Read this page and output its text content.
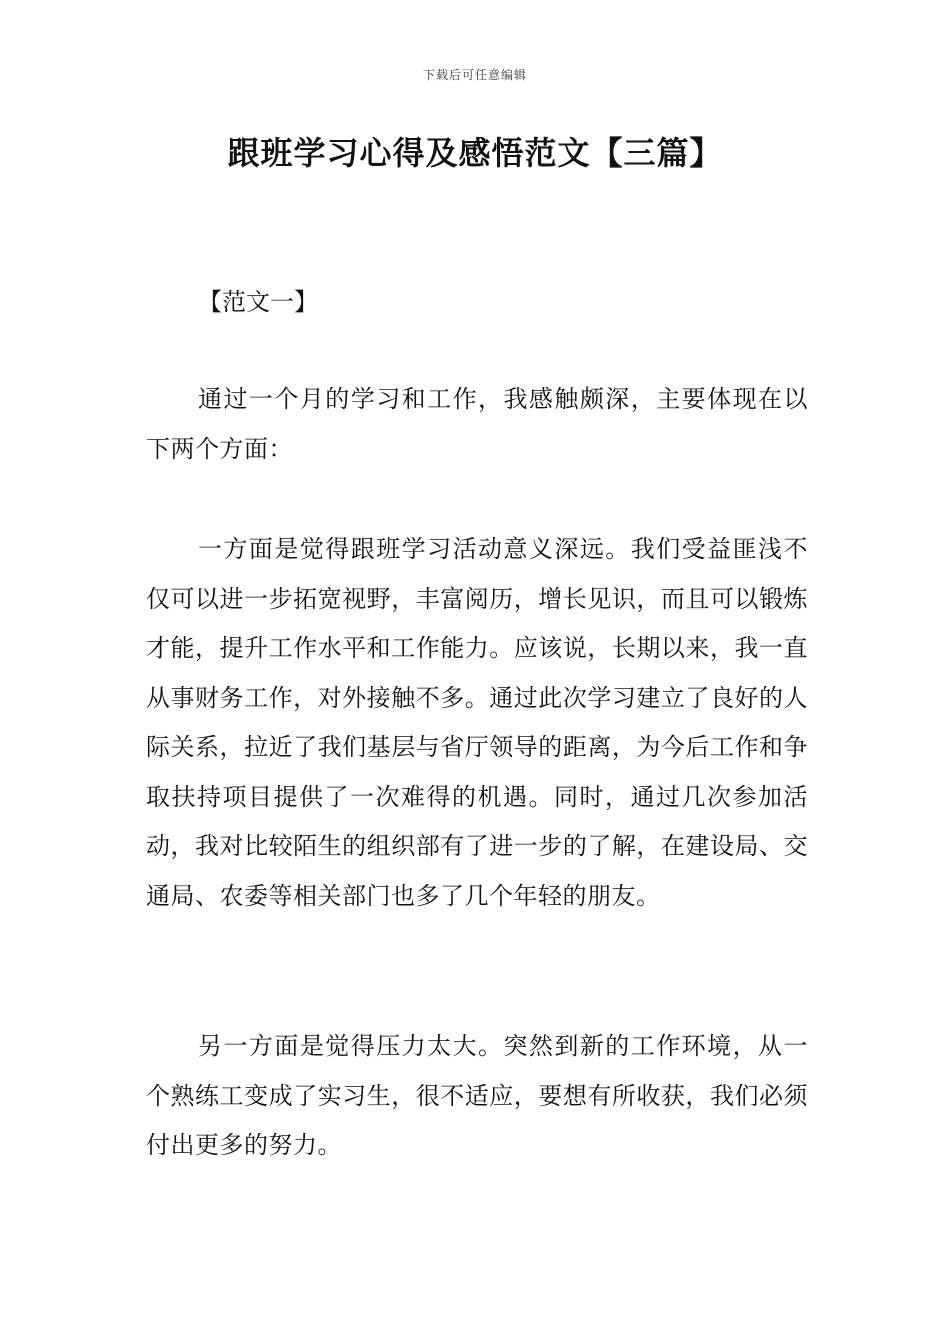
下载后可任意编辑
跟班学习心得及感悟范文【三篇】
【范文一】

通过一个月的学习和工作，我感触颇深，主要体现在以下两个方面：

一方面是觉得跟班学习活动意义深远。我们受益匪浅不仅可以进一步拓宽视野，丰富阅历，增长见识，而且可以锻炼才能，提升工作水平和工作能力。应该说，长期以来，我一直从事财务工作，对外接触不多。通过此次学习建立了良好的人际关系，拉近了我们基层与省厅领导的距离，为今后工作和争取扶持项目提供了一次难得的机遇。同时，通过几次参加活动，我对比较陌生的组织部有了进一步的了解，在建设局、交通局、农委等相关部门也多了几个年轻的朋友。

另一方面是觉得压力太大。突然到新的工作环境，从一个熟练工变成了实习生，很不适应，要想有所收获，我们必须付出更多的努力。
